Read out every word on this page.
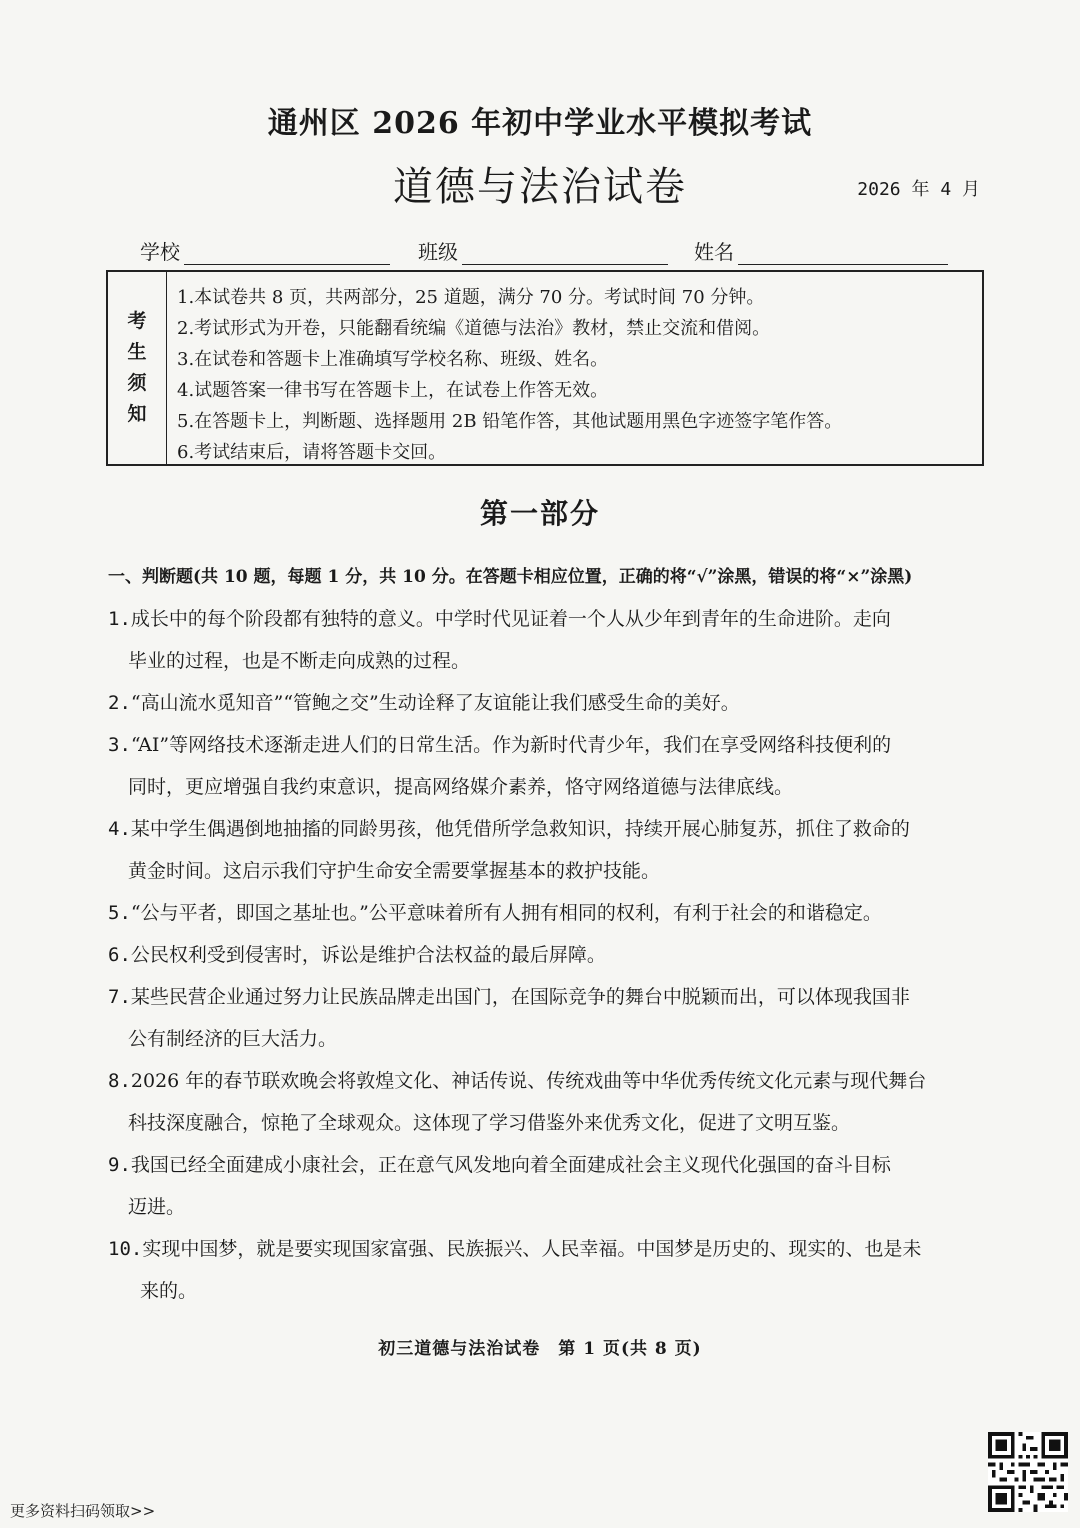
通州区 2026 年初中学业水平模拟考试
道德与法治试卷	2026 年 4 月
学校	班级	姓名
考
生
须
知
1.本试卷共 8 页，共两部分，25 道题，满分 70 分。考试时间 70 分钟。
2.考试形式为开卷，只能翻看统编《道德与法治》教材，禁止交流和借阅。
3.在试卷和答题卡上准确填写学校名称、班级、姓名。
4.试题答案一律书写在答题卡上，在试卷上作答无效。
5.在答题卡上，判断题、选择题用 2B 铅笔作答，其他试题用黑色字迹签字笔作答。
6.考试结束后，请将答题卡交回。
第一部分
一、判断题(共 10 题，每题 1 分，共 10 分。在答题卡相应位置，正确的将“√”涂黑，错误的将“×”涂黑)
1.成长中的每个阶段都有独特的意义。中学时代见证着一个人从少年到青年的生命进阶。走向
毕业的过程，也是不断走向成熟的过程。
2.“高山流水觅知音”“管鲍之交”生动诠释了友谊能让我们感受生命的美好。
3.“AI”等网络技术逐渐走进人们的日常生活。作为新时代青少年，我们在享受网络科技便利的
同时，更应增强自我约束意识，提高网络媒介素养，恪守网络道德与法律底线。
4.某中学生偶遇倒地抽搐的同龄男孩，他凭借所学急救知识，持续开展心肺复苏，抓住了救命的
黄金时间。这启示我们守护生命安全需要掌握基本的救护技能。
5.“公与平者，即国之基址也。”公平意味着所有人拥有相同的权利，有利于社会的和谐稳定。
6.公民权利受到侵害时，诉讼是维护合法权益的最后屏障。
7.某些民营企业通过努力让民族品牌走出国门，在国际竞争的舞台中脱颖而出，可以体现我国非
公有制经济的巨大活力。
8.2026 年的春节联欢晚会将敦煌文化、神话传说、传统戏曲等中华优秀传统文化元素与现代舞台
科技深度融合，惊艳了全球观众。这体现了学习借鉴外来优秀文化，促进了文明互鉴。
9.我国已经全面建成小康社会，正在意气风发地向着全面建成社会主义现代化强国的奋斗目标
迈进。
10.实现中国梦，就是要实现国家富强、民族振兴、人民幸福。中国梦是历史的、现实的、也是未
来的。
初三道德与法治试卷　第 1 页(共 8 页)
更多资料扫码领取>>
